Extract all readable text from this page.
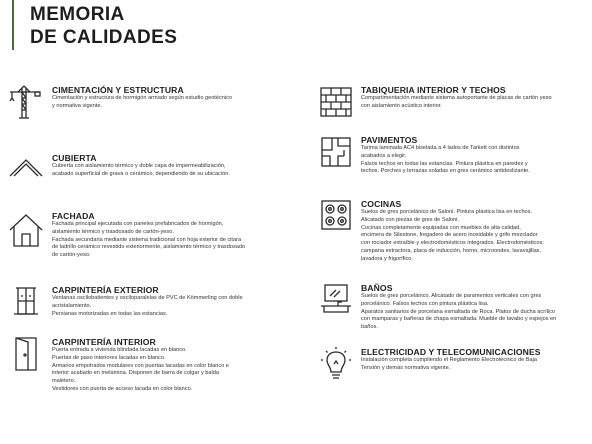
MEMORIA
DE CALIDADES
CIMENTACIÓN Y ESTRUCTURA

Cimentación y estructura de hormigón armado según estudio geotécnico

y normativa vigente.

CUBIERTA

Cubierta con aislamiento térmico y doble capa de impermeabilización,

acabado superficial de grava o cerámico, dependiendo de su ubicación.

FACHADA

Fachada principal ejecutada con paneles prefabricados de hormigón,

aislamiento térmico y trasdosado de cartón-yeso.

Fachada secundaria mediante sistema tradicional con hoja exterior de citara

de ladrillo cerámico revestido exteriormente, aislamiento térmico y trasdosado

de cartón-yeso.

CARPINTERÍA EXTERIOR

Ventanas oscilobatientes y osciloparalelas de PVC de Kömmerling con doble

acristalamiento.

Persianas motorizadas en todas las estancias.

CARPINTERÍA INTERIOR

Puerta entrada a vivienda blindada lacadas en blanco.

Puertas de paso interiores lacadas en blanco.

Armarios empotrados modulares con puertas lacadas en color blanco e

interior acabado en melamina. Disponen de barra de colgar y balda

maletero.

Vestidores con puerta de acceso lacada en color blanco.

TABIQUERIA INTERIOR Y TECHOS

Compartimentación mediante sistema autoportante de placas de cartón yeso

con aislamiento acústico interior.

PAVIMENTOS

Tarima laminada AC4 biselada a 4 lados de Tarkett con distintos

acabados a elegir.

Falsos techos en todas las estancias. Pintura plástica en paredes y

techos. Porches y terrazas soladas en gres cerámico antideslizante.

COCINAS

Suelos de gres porcelánico de Saloni. Pintura plástica lisa en techos.

Alicatado con piezas de gres de Saloni.

Cocinas completamente equipadas con muebles de alta calidad,

encimera de Silestone, fregadero de acero inoxidable y grifo mezclador

con rociador extraíble y electrodomésticos integrados. Electrodomésticos:

campana extractora, placa de inducción, horno, microondes, lavavajillas,

lavadora y frigorífico.

BAÑOS

Suelos de gres porcelánico. Alicatado de paramentos verticales con gres

porcelánico. Falsos techos con pintura plástica lisa.

Aparatos sanitarios de porcelana esmaltada de Roca. Platos de ducha acrílico

con mamparas y bañeras de chapa esmaltada. Mueble de lavabo y espejos en

baños.

ELECTRICIDAD Y TELECOMUNICACIONES

Instalación completa cumpliendo el Reglamento Electrotécnico de Baja

Tensión y demás normativa vigente.
